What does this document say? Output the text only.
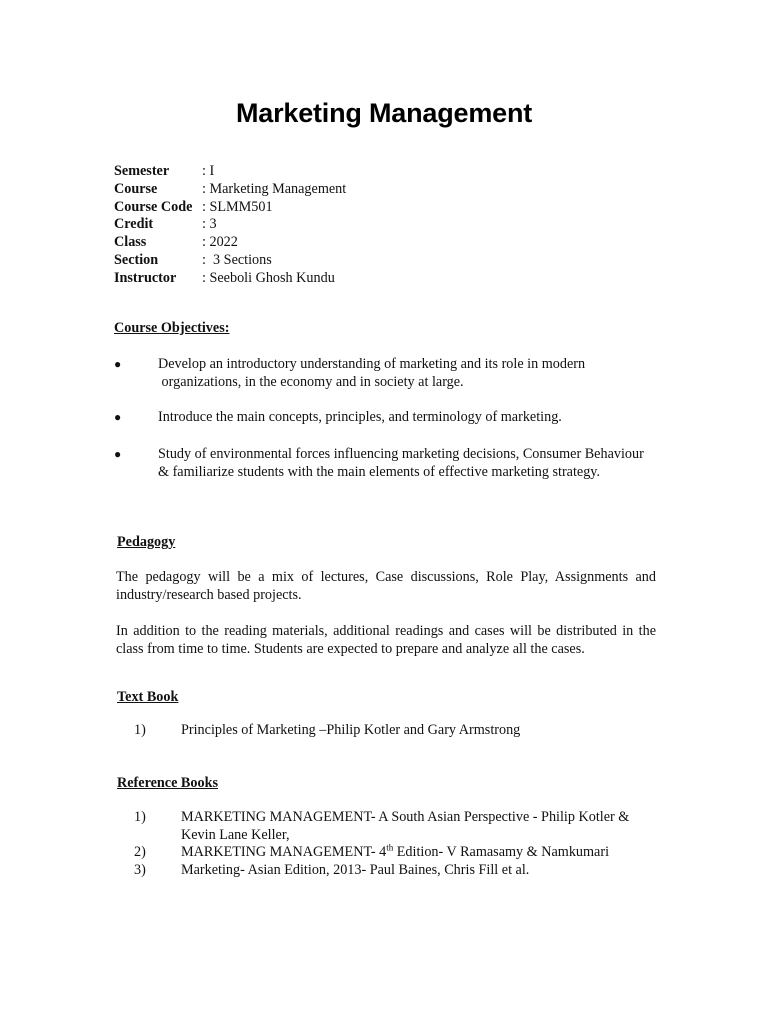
Marketing Management
Semester	: I
Course	: Marketing Management
Course Code : SLMM501
Credit	: 3
Class	: 2022
Section	:  3 Sections
Instructor	: Seeboli Ghosh Kundu
Course Objectives:
●	Develop an introductory understanding of marketing and its role in modern
organizations, in the economy and in society at large.
●	Introduce the main concepts, principles, and terminology of marketing.
●	Study of environmental forces influencing marketing decisions, Consumer Behaviour & familiarize students with the main elements of effective marketing strategy.
Pedagogy
The pedagogy will be a mix of lectures, Case discussions, Role Play, Assignments and industry/research based projects.
In addition to the reading materials, additional readings and cases will be distributed in the class from time to time. Students are expected to prepare and analyze all the cases.
Text Book
1)	Principles of Marketing –Philip Kotler and Gary Armstrong
Reference Books
1)	MARKETING MANAGEMENT- A South Asian Perspective - Philip Kotler & Kevin Lane Keller,
2)	MARKETING MANAGEMENT- 4th Edition- V Ramasamy & Namkumari
3)	Marketing- Asian Edition, 2013- Paul Baines, Chris Fill et al.
